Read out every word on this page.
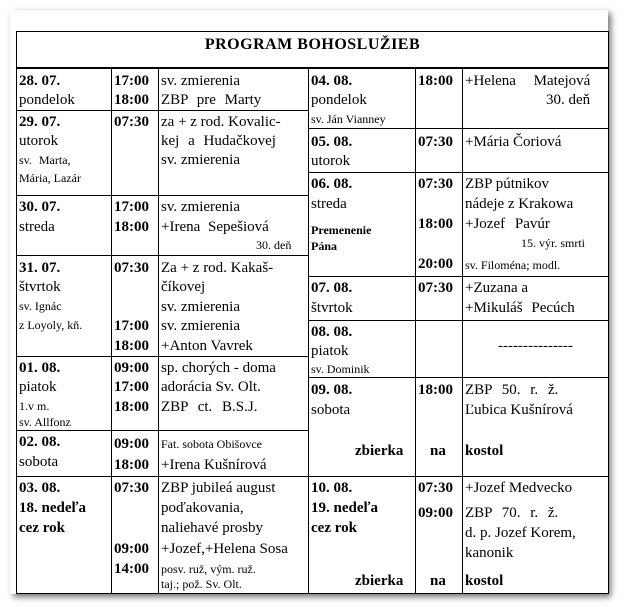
PROGRAM BOHOSLUŽIEB
28. 07.
pondelok
17:00 sv. zmierenia
18:00 ZBP pre Marty
29. 07.
utorok
sv. Marta,
Mária, Lazár
07:30 za + z rod. Kovalic-
kej a Hudačkovej
sv. zmierenia
30. 07.
streda
17:00 sv. zmierenia
18:00 +Irena Sepešiová
30. deň
31. 07.
štvrtok
sv. Ignác
z Loyoly, kň.
07:30 Za + z rod. Kakaš-
číkovej
sv. zmierenia
17:00 sv. zmierenia
18:00 +Anton Vavrek
01. 08.
piatok
1.v m.
sv. Allfonz
09:00 sp. chorých - doma
17:00 adorácia Sv. Olt.
18:00 ZBP ct. B.S.J.
02. 08.
sobota
09:00 Fat. sobota Obišovce
18:00 +Irena Kušnírová
03. 08.
18. nedeľa
cez rok
07:30 ZBP jubileá august
poďakovania,
naliehavé prosby
09:00 +Jozef,+Helena Sosa
14:00 posv. ruž, vým. ruž.
taj.; pož. Sv. Olt.
04. 08.
pondelok
sv. Ján Vianney
18:00 +Helena Matejová
30. deň
05. 08.
utorok
07:30 +Mária Čoriová
06. 08.
streda
Premenenie
Pána
07:30 ZBP pútnikov
nádeje z Krakowa
18:00 +Jozef Pavúr
15. výr. smrti
20:00 sv. Filoména; modl.
07. 08.
štvrtok
07:30 +Zuzana a
+Mikuláš Pecúch
08. 08.
piatok
sv. Dominik
---------------
09. 08.
sobota
18:00 ZBP 50. r. ž.
Ľubica Kušnírová
zbierka na kostol
10. 08.
19. nedeľa
cez rok
07:30 +Jozef Medvecko
09:00 ZBP 70. r. ž.
d. p. Jozef Korem,
kanonik
zbierka na kostol
